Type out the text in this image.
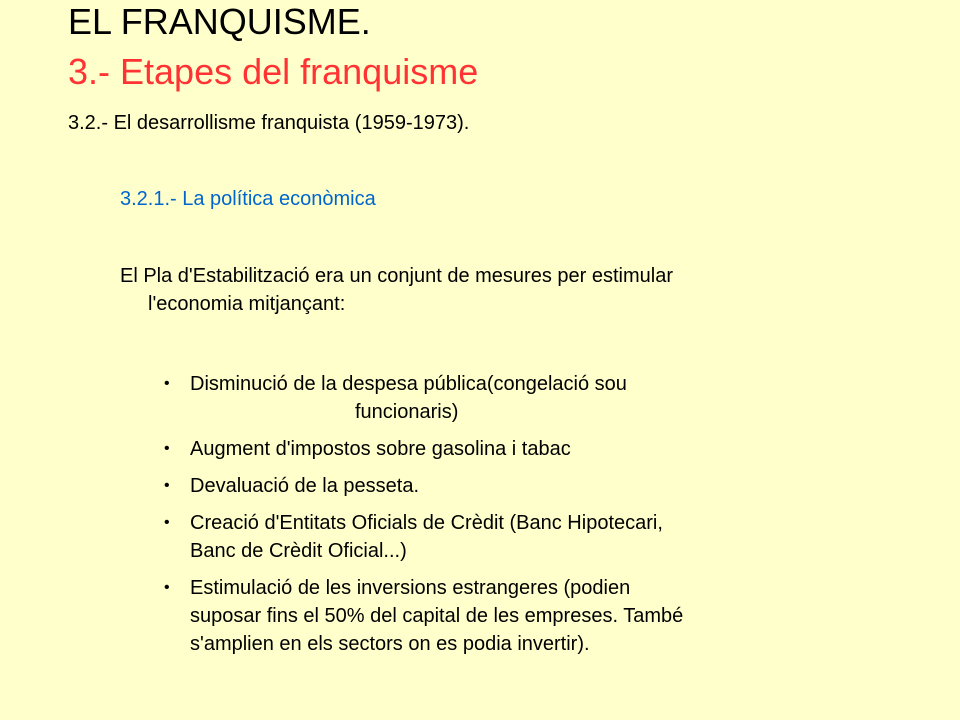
EL FRANQUISME.
3.- Etapes del franquisme
3.2.- El desarrollisme franquista (1959-1973).
3.2.1.- La política econòmica
El Pla d'Estabilització era un conjunt de mesures per estimular
l'economia mitjançant:
• Disminució de la despesa pública(congelació sou
funcionaris)
• Augment d'impostos sobre gasolina i tabac
• Devaluació de la pesseta.
• Creació d'Entitats Oficials de Crèdit (Banc Hipotecari,
Banc de Crèdit Oficial...)
• Estimulació de les inversions estrangeres (podien
suposar fins el 50% del capital de les empreses. També
s'amplien en els sectors on es podia invertir).
